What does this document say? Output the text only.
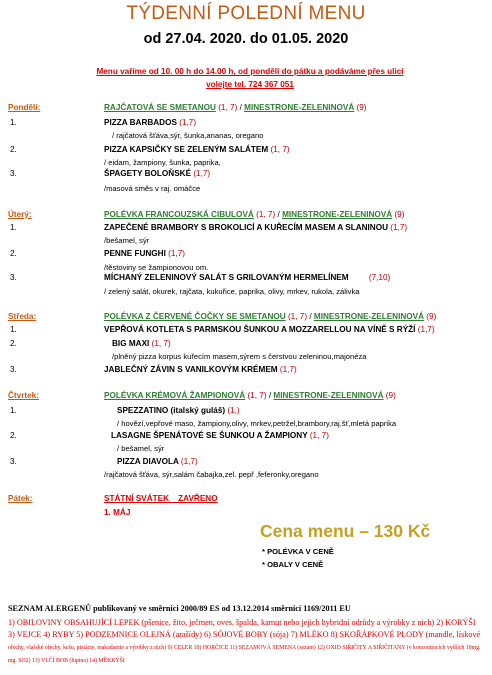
TÝDENNÍ POLEDNÍ MENU
od 27.04. 2020. do 01.05. 2020
Menu vaříme od 10. 00 h do 14.00 h, od pondělí do pátku a podáváme přes ulici
volejte tel. 724 367 051
Pondělí:	RAJČATOVÁ SE SMETANOU (1, 7) / MINESTRONE-ZELENINOVÁ (9)
1.	PIZZA BARBADOS (1,7)
/ rajčatová šťáva,sýr, šunka,ananas, oregano
2.	PIZZA KAPSIČKY SE ZELENÝM SALÁTEM (1, 7)
/ eidam, žampiony, šunka, paprika,
3.	ŠPAGETY BOLOŇSKÉ (1,7)
/masová směs v raj. omáčce
Úterý:	POLÉVKA FRANCOUZSKÁ CIBULOVÁ (1, 7) / MINESTRONE-ZELENINOVÁ (9)
1.	ZAPEČENÉ BRAMBORY S BROKOLICÍ A KUŘECÍM MASEM A SLANINOU (1,7)
/bešamel, sýr
2.	PENNE FUNGHI (1,7)
/těstoviny se žampionovou om.
3.	MÍCHANÝ ZELENINOVÝ SALÁT S GRILOVANÝM HERMELÍNEM (7,10)
/ zelený salát, okurek, rajčata, kukuřice, paprika, olivy, mrkev, rukola, zálivka
Středa:	POLÉVKA Z ČERVENÉ ČOČKY SE SMETANOU (1, 7) / MINESTRONE-ZELENINOVÁ (9)
1.	VEPŘOVÁ KOTLETA S PARMSKOU ŠUNKOU A MOZZARELLOU NA VÍNĚ S RÝŽÍ (1,7)
2.	BIG MAXI (1, 7)
/plněný pizza korpus kuřecím masem,sýrem s čerstvou zeleninou,majonéza
3.	JABLEČNÝ ZÁVIN S VANILKOVÝM KRÉMEM (1,7)
Čtvrtek:	POLÉVKA KRÉMOVÁ ŽAMPIONOVÁ (1, 7) / MINESTRONE-ZELENINOVÁ (9)
1.	SPEZZATINO (italský guláš) (1,)
/ hovězí,vepřové maso, žampiony,olivy, mrkev,petržel,brambory,raj.šť,mletá paprika
2.	LASAGNE ŠPENÁTOVÉ SE ŠUNKOU A ŽAMPIONY (1, 7)
/ bešamel, sýr
3.	PIZZA DIAVOLA (1,7)
/rajčatová šťáva, sýr,salám čabajka,zel. pepř ,feferonky,oregano
Pátek:	STÁTNÍ SVÁTEK    ZAVŘENO
1. MÁJ
Cena menu – 130 Kč
* POLÉVKA V CENĚ
* OBALY V CENĚ
SEZNAM ALERGENŮ publikovaný ve směrnici 2000/89 ES od 13.12.2014 směrnicí 1169/2011 EU
1) OBILOVINY OBSAHUJÍCÍ LEPEK (pšenice, žito, ječmen, oves. špalda, kamut nebo jejich hybridní odrůdy a výrobky z nich) 2) KORÝŠI 3) VEJCE 4) RYBY 5) PODZEMNICE OLEJNÁ (arašídy) 6) SÓJOVÉ BOBY (sója) 7) MLÉKO 8) SKOŘÁPKOVÉ PLODY (mandle, lískové ořechy, vlašské ořechy, kešu, pistácie, makadamie a výrobky z nich) 9) CELER 10) HORČICE 11) SEZAMOVÁ SEMENA (sezam) 12) OXID SIŘIČITÝ A SIŘIČITANY (v koncentracích vyšších 10mg. mg. SO2) 13) VLČÍ BOB (lupina) 14) MĚKKÝŠI
